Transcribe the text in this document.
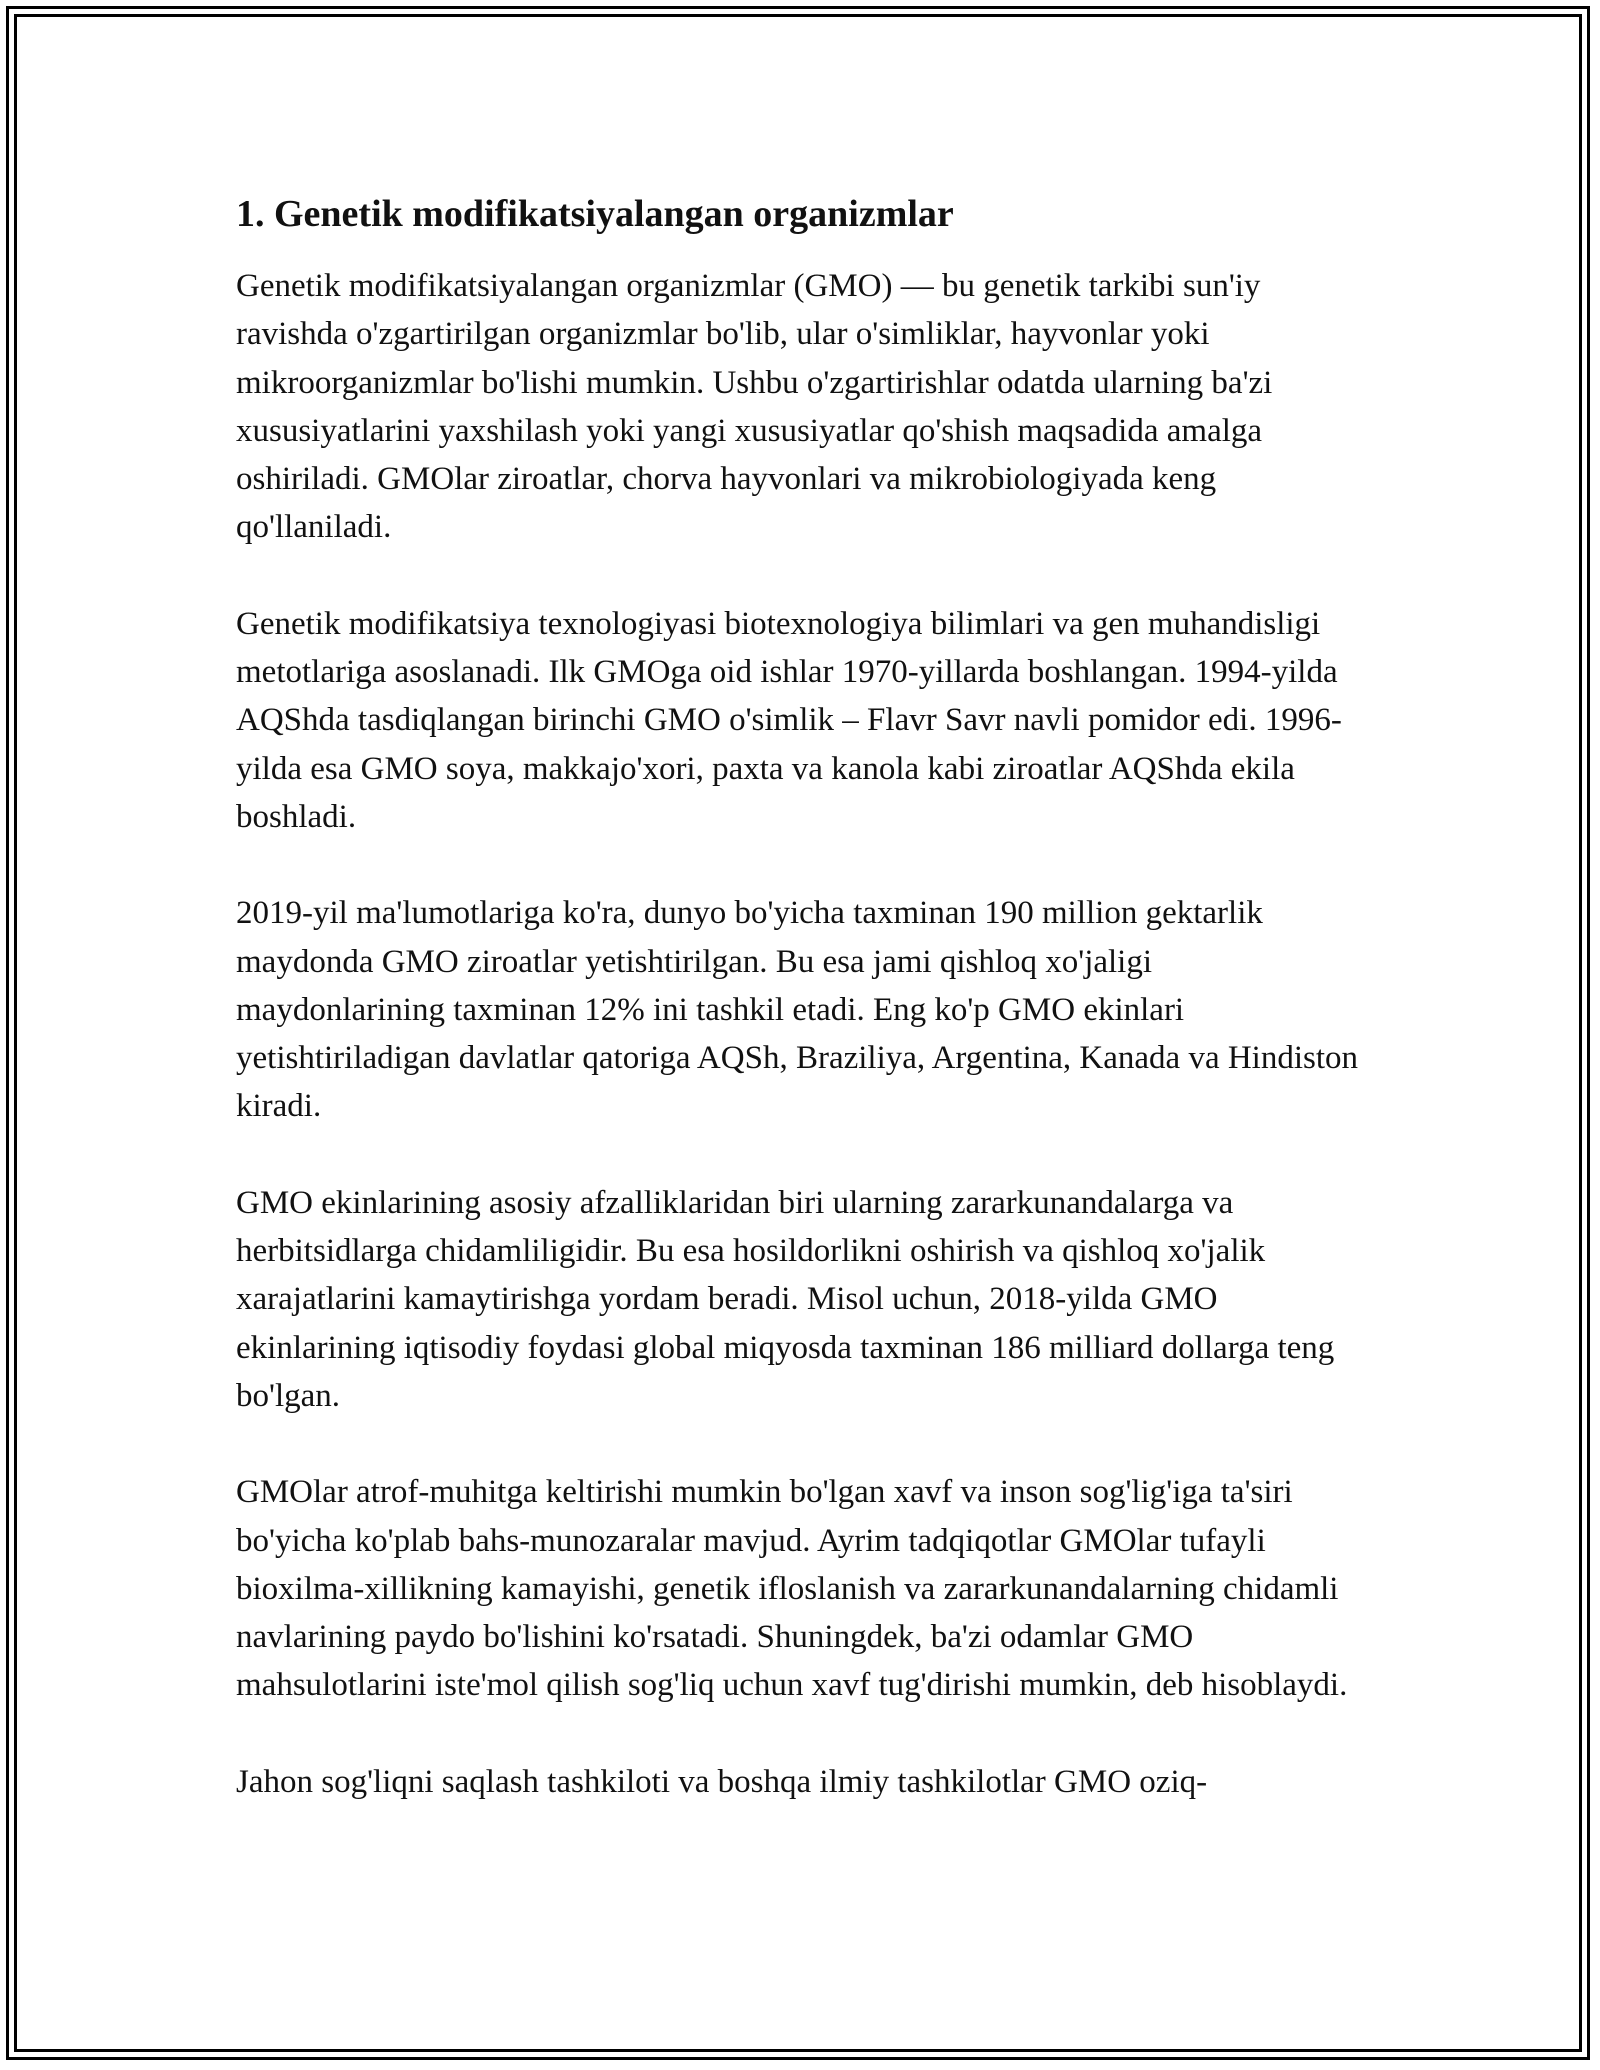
1. Genetik modifikatsiyalangan organizmlar

Genetik modifikatsiyalangan organizmlar (GMO) — bu genetik tarkibi sun'iy ravishda o'zgartirilgan organizmlar bo'lib, ular o'simliklar, hayvonlar yoki mikroorganizmlar bo'lishi mumkin. Ushbu o'zgartirishlar odatda ularning ba'zi xususiyatlarini yaxshilash yoki yangi xususiyatlar qo'shish maqsadida amalga oshiriladi. GMOlar ziroatlar, chorva hayvonlari va mikrobiologiyada keng qo'llaniladi.

Genetik modifikatsiya texnologiyasi biotexnologiya bilimlari va gen muhandisligi metotlariga asoslanadi. Ilk GMOga oid ishlar 1970-yillarda boshlangan. 1994-yilda AQShda tasdiqlangan birinchi GMO o'simlik – Flavr Savr navli pomidor edi. 1996-yilda esa GMO soya, makkajo'xori, paxta va kanola kabi ziroatlar AQShda ekila boshladi.

2019-yil ma'lumotlariga ko'ra, dunyo bo'yicha taxminan 190 million gektarlik maydonda GMO ziroatlar yetishtirilgan. Bu esa jami qishloq xo'jaligi maydonlarining taxminan 12% ini tashkil etadi. Eng ko'p GMO ekinlari yetishtiriladigan davlatlar qatoriga AQSh, Braziliya, Argentina, Kanada va Hindiston kiradi.

GMO ekinlarining asosiy afzalliklaridan biri ularning zararkunandalarga va herbitsidlarga chidamliligidir. Bu esa hosildorlikni oshirish va qishloq xo'jalik xarajatlarini kamaytirishga yordam beradi. Misol uchun, 2018-yilda GMO ekinlarining iqtisodiy foydasi global miqyosda taxminan 186 milliard dollarga teng bo'lgan.

GMOlar atrof-muhitga keltirishi mumkin bo'lgan xavf va inson sog'lig'iga ta'siri bo'yicha ko'plab bahs-munozaralar mavjud. Ayrim tadqiqotlar GMOlar tufayli bioxilma-xillikning kamayishi, genetik ifloslanish va zararkunandalarning chidamli navlarining paydo bo'lishini ko'rsatadi. Shuningdek, ba'zi odamlar GMO mahsulotlarini iste'mol qilish sog'liq uchun xavf tug'dirishi mumkin, deb hisoblaydi.

Jahon sog'liqni saqlash tashkiloti va boshqa ilmiy tashkilotlar GMO oziq-
